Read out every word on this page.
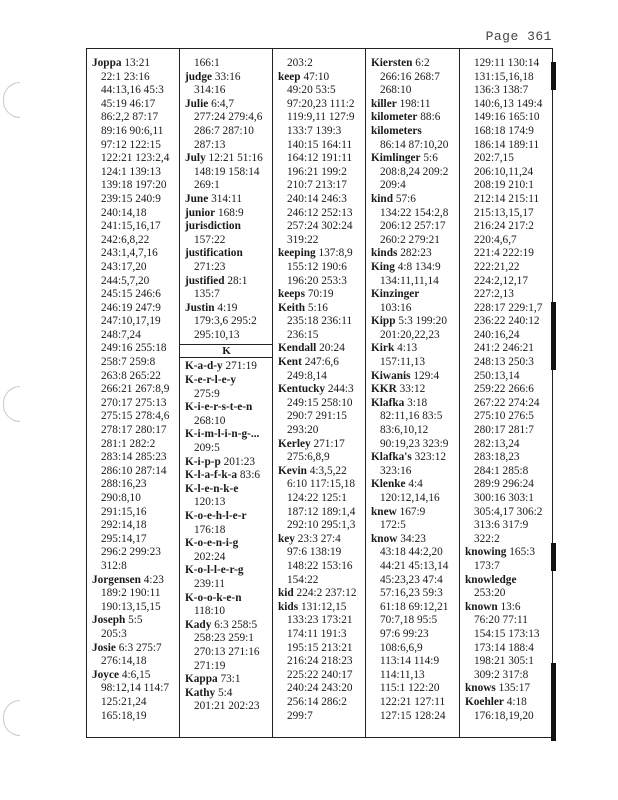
Page 361
Joppa 13:21
22:1 23:16
44:13,16 45:3
45:19 46:17
86:2,2 87:17
89:16 90:6,11
97:12 122:15
122:21 123:2,4
124:1 139:13
139:18 197:20
239:15 240:9
240:14,18
241:15,16,17
242:6,8,22
243:1,4,7,16
243:17,20
244:5,7,20
245:15 246:6
246:19 247:9
247:10,17,19
248:7,24
249:16 255:18
258:7 259:8
263:8 265:22
266:21 267:8,9
270:17 275:13
275:15 278:4,6
278:17 280:17
281:1 282:2
283:14 285:23
286:10 287:14
288:16,23
290:8,10
291:15,16
292:14,18
295:14,17
296:2 299:23
312:8
Jorgensen 4:23
189:2 190:11
190:13,15,15
Joseph 5:5
205:3
Josie 6:3 275:7
276:14,18
Joyce 4:6,15
98:12,14 114:7
125:21,24
165:18,19
166:1
judge 33:16
314:16
Julie 6:4,7
277:24 279:4,6
286:7 287:10
287:13
July 12:21 51:16
148:19 158:14
269:1
June 314:11
junior 168:9
jurisdiction
157:22
justification
271:23
justified 28:1
135:7
Justin 4:19
179:3,6 295:2
295:10,13
K
K-a-d-y 271:19
K-e-r-l-e-y
275:9
K-i-e-r-s-t-e-n
268:10
K-i-m-l-i-n-g-...
209:5
K-i-p-p 201:23
K-l-a-f-k-a 83:6
K-l-e-n-k-e
120:13
K-o-e-h-l-e-r
176:18
K-o-e-n-i-g
202:24
K-o-l-l-e-r-g
239:11
K-o-o-k-e-n
118:10
Kady 6:3 258:5
258:23 259:1
270:13 271:16
271:19
Kappa 73:1
Kathy 5:4
201:21 202:23
203:2
keep 47:10
49:20 53:5
97:20,23 111:2
119:9,11 127:9
133:7 139:3
140:15 164:11
164:12 191:11
196:21 199:2
210:7 213:17
240:14 246:3
246:12 252:13
257:24 302:24
319:22
keeping 137:8,9
155:12 190:6
196:20 253:3
keeps 70:19
Keith 5:16
235:18 236:11
236:15
Kendall 20:24
Kent 247:6,6
249:8,14
Kentucky 244:3
249:15 258:10
290:7 291:15
293:20
Kerley 271:17
275:6,8,9
Kevin 4:3,5,22
6:10 117:15,18
124:22 125:1
187:12 189:1,4
292:10 295:1,3
key 23:3 27:4
97:6 138:19
148:22 153:16
154:22
kid 224:2 237:12
kids 131:12,15
133:23 173:21
174:11 191:3
195:15 213:21
216:24 218:23
225:22 240:17
240:24 243:20
256:14 286:2
299:7
Kiersten 6:2
266:16 268:7
268:10
killer 198:11
kilometer 88:6
kilometers
86:14 87:10,20
Kimlinger 5:6
208:8,24 209:2
209:4
kind 57:6
134:22 154:2,8
206:12 257:17
260:2 279:21
kinds 282:23
King 4:8 134:9
134:11,11,14
Kinzinger
103:16
Kipp 5:3 199:20
201:20,22,23
Kirk 4:13
157:11,13
Kiwanis 129:4
KKR 33:12
Klafka 3:18
82:11,16 83:5
83:6,10,12
90:19,23 323:9
Klafka's 323:12
323:16
Klenke 4:4
120:12,14,16
knew 167:9
172:5
know 34:23
43:18 44:2,20
44:21 45:13,14
45:23,23 47:4
57:16,23 59:3
61:18 69:12,21
70:7,18 95:5
97:6 99:23
108:6,6,9
113:14 114:9
114:11,13
115:1 122:20
122:21 127:11
127:15 128:24
129:11 130:14
131:15,16,18
136:3 138:7
140:6,13 149:4
149:16 165:10
168:18 174:9
186:14 189:11
202:7,15
206:10,11,24
208:19 210:1
212:14 215:11
215:13,15,17
216:24 217:2
220:4,6,7
221:4 222:19
222:21,22
224:2,12,17
227:2,13
228:17 229:1,7
236:22 240:12
240:16,24
241:2 246:21
248:13 250:3
250:13,14
259:22 266:6
267:22 274:24
275:10 276:5
280:17 281:7
282:13,24
283:18,23
284:1 285:8
289:9 296:24
300:16 303:1
305:4,17 306:2
313:6 317:9
322:2
knowing 165:3
173:7
knowledge
253:20
known 13:6
76:20 77:11
154:15 173:13
173:14 188:4
198:21 305:1
309:2 317:8
knows 135:17
Koehler 4:18
176:18,19,20
